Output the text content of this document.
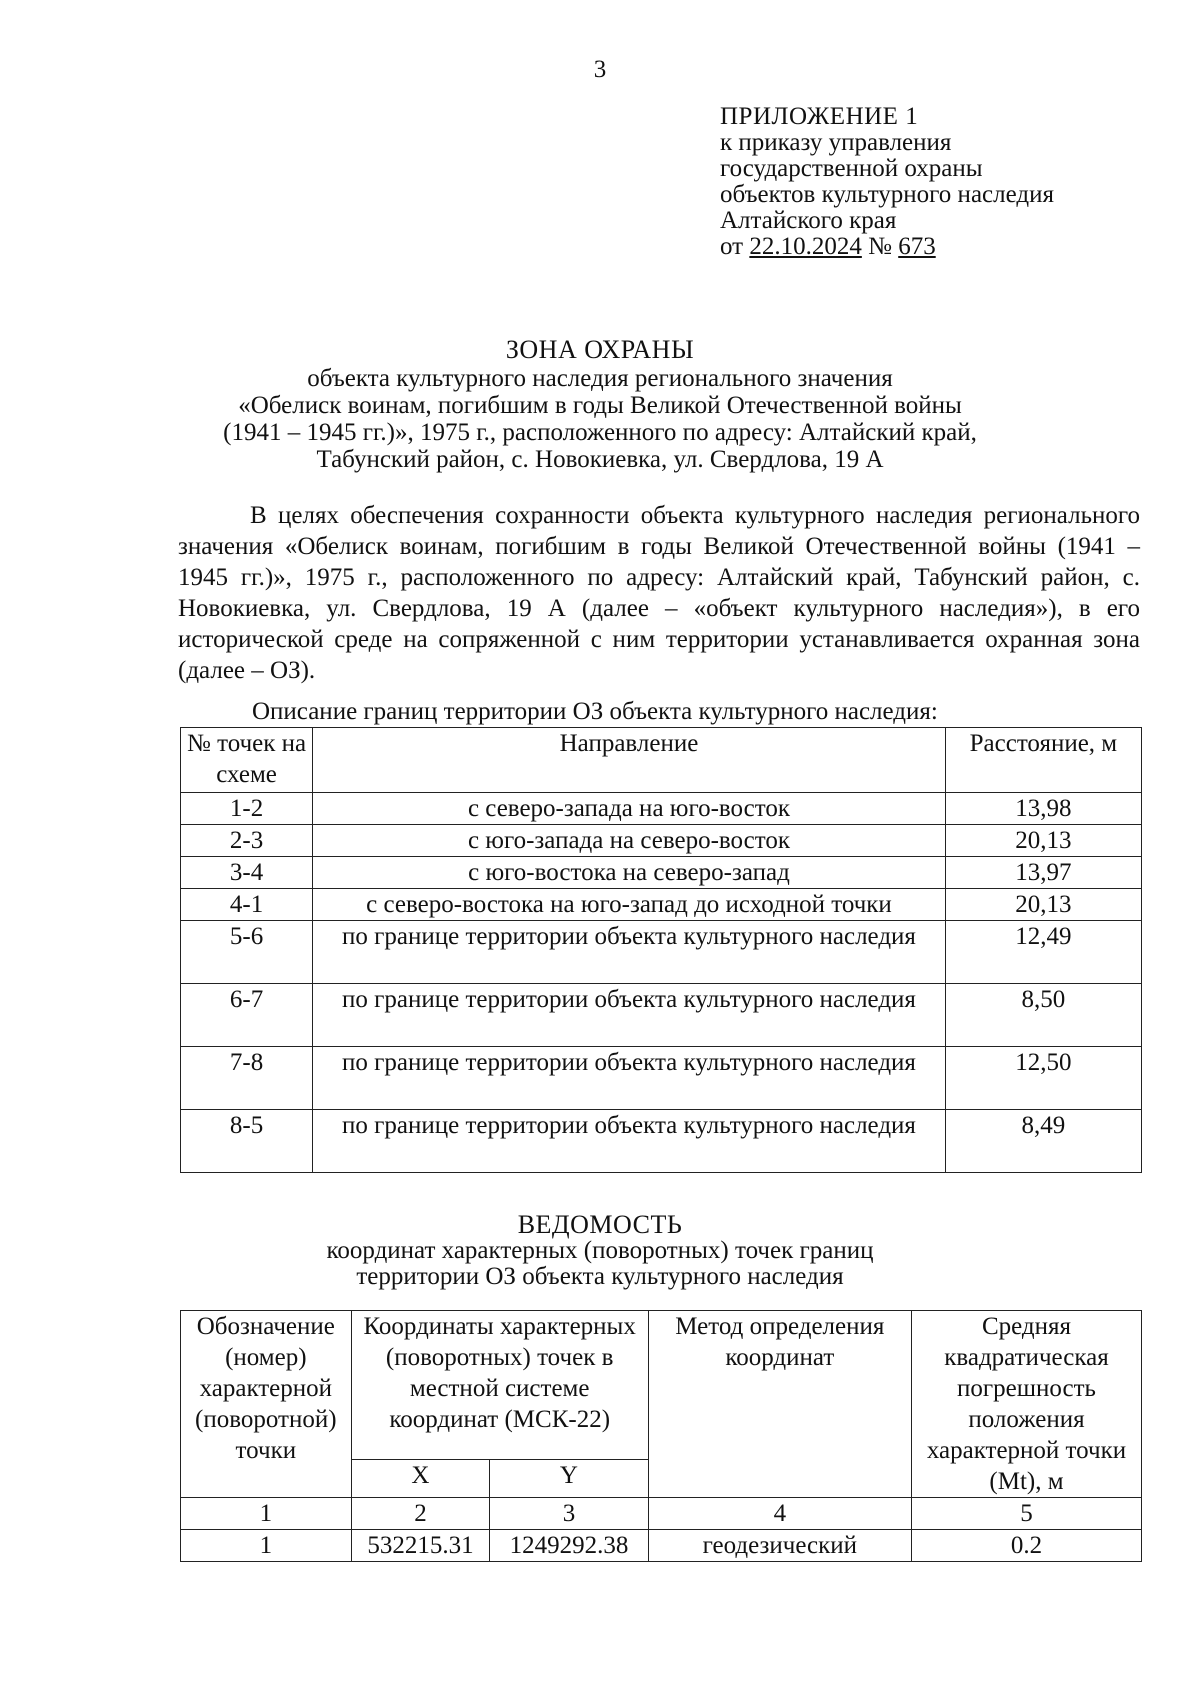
3
ПРИЛОЖЕНИЕ 1
к приказу управления
государственной охраны
объектов культурного наследия
Алтайского края
от 22.10.2024 № 673
ЗОНА ОХРАНЫ
объекта культурного наследия регионального значения
«Обелиск воинам, погибшим в годы Великой Отечественной войны
(1941 – 1945 гг.)», 1975 г., расположенного по адресу: Алтайский край,
Табунский район, с. Новокиевка, ул. Свердлова, 19 А
В целях обеспечения сохранности объекта культурного наследия регионального значения «Обелиск воинам, погибшим в годы Великой Отечественной войны (1941 – 1945 гг.)», 1975 г., расположенного по адресу: Алтайский край, Табунский район, с. Новокиевка, ул. Свердлова, 19 А (далее – «объект культурного наследия»), в его исторической среде на сопряженной с ним территории устанавливается охранная зона (далее – ОЗ).
Описание границ территории ОЗ объекта культурного наследия:
№ точек на схеме	Направление	Расстояние, м
1-2	с северо-запада на юго-восток	13,98
2-3	с юго-запада на северо-восток	20,13
3-4	с юго-востока на северо-запад	13,97
4-1	с северо-востока на юго-запад до исходной точки	20,13
5-6	по границе территории объекта культурного наследия	12,49
6-7	по границе территории объекта культурного наследия	8,50
7-8	по границе территории объекта культурного наследия	12,50
8-5	по границе территории объекта культурного наследия	8,49
ВЕДОМОСТЬ
координат характерных (поворотных) точек границ
территории ОЗ объекта культурного наследия
Обозначение (номер) характерной (поворотной) точки	Координаты характерных (поворотных) точек в местной системе координат (МСК-22)		Метод определения координат	Средняя квадратическая погрешность положения характерной точки (Mt), м
	X	Y		
1	2	3	4	5
1	532215.31	1249292.38	геодезический	0.2
